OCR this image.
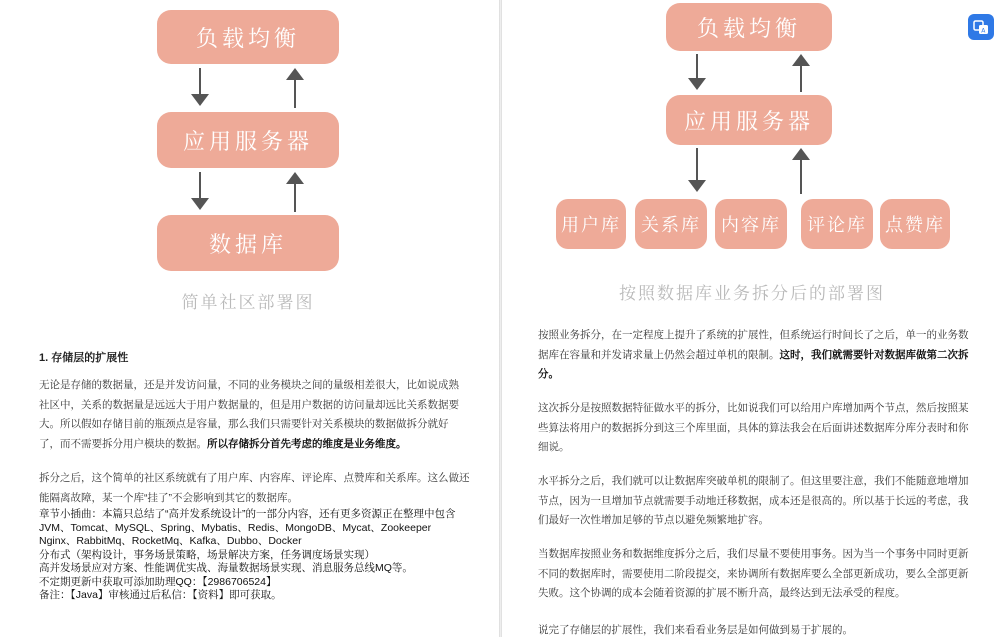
负载均衡
应用服务器
数据库
简单社区部署图
1. 存储层的扩展性

无论是存储的数据量，还是并发访问量，不同的业务模块之间的量级相差很大，比如说成熟社区中，关系的数据量是远远大于用户数据量的，但是用户数据的访问量却远比关系数据要大。所以假如存储目前的瓶颈点是容量，那么我们只需要针对关系模块的数据做拆分就好了，而不需要拆分用户模块的数据。所以存储拆分首先考虑的维度是业务维度。

拆分之后，这个简单的社区系统就有了用户库、内容库、评论库、点赞库和关系库。这么做还能隔离故障，某一个库“挂了”不会影响到其它的数据库。

章节小插曲：本篇只总结了“高并发系统设计”的一部分内容，还有更多资源正在整理中包含
JVM、Tomcat、MySQL、Spring、Mybatis、Redis、MongoDB、Mycat、Zookeeper
Nginx、RabbitMq、RocketMq、Kafka、Dubbo、Docker
分布式（架构设计，事务场景策略，场景解决方案，任务调度场景实现）
高并发场景应对方案、性能调优实战、海量数据场景实现、消息服务总线MQ等。
不定期更新中获取可添加助理QQ：【2986706524】
备注：【Java】审核通过后私信：【资料】即可获取。
负载均衡
应用服务器
用户库	关系库	内容库	评论库	点赞库
按照数据库业务拆分后的部署图

按照业务拆分，在一定程度上提升了系统的扩展性，但系统运行时间长了之后，单一的业务数据库在容量和并发请求量上仍然会超过单机的限制。这时，我们就需要针对数据库做第二次拆分。

这次拆分是按照数据特征做水平的拆分，比如说我们可以给用户库增加两个节点，然后按照某些算法将用户的数据拆分到这三个库里面，具体的算法我会在后面讲述数据库分库分表时和你细说。

水平拆分之后，我们就可以让数据库突破单机的限制了。但这里要注意，我们不能随意地增加节点，因为一旦增加节点就需要手动地迁移数据，成本还是很高的。所以基于长远的考虑，我们最好一次性增加足够的节点以避免频繁地扩容。

当数据库按照业务和数据维度拆分之后，我们尽量不要使用事务。因为当一个事务中同时更新不同的数据库时，需要使用二阶段提交，来协调所有数据库要么全部更新成功，要么全部更新失败。这个协调的成本会随着资源的扩展不断升高，最终达到无法承受的程度。

说完了存储层的扩展性，我们来看看业务层是如何做到易于扩展的。

A
